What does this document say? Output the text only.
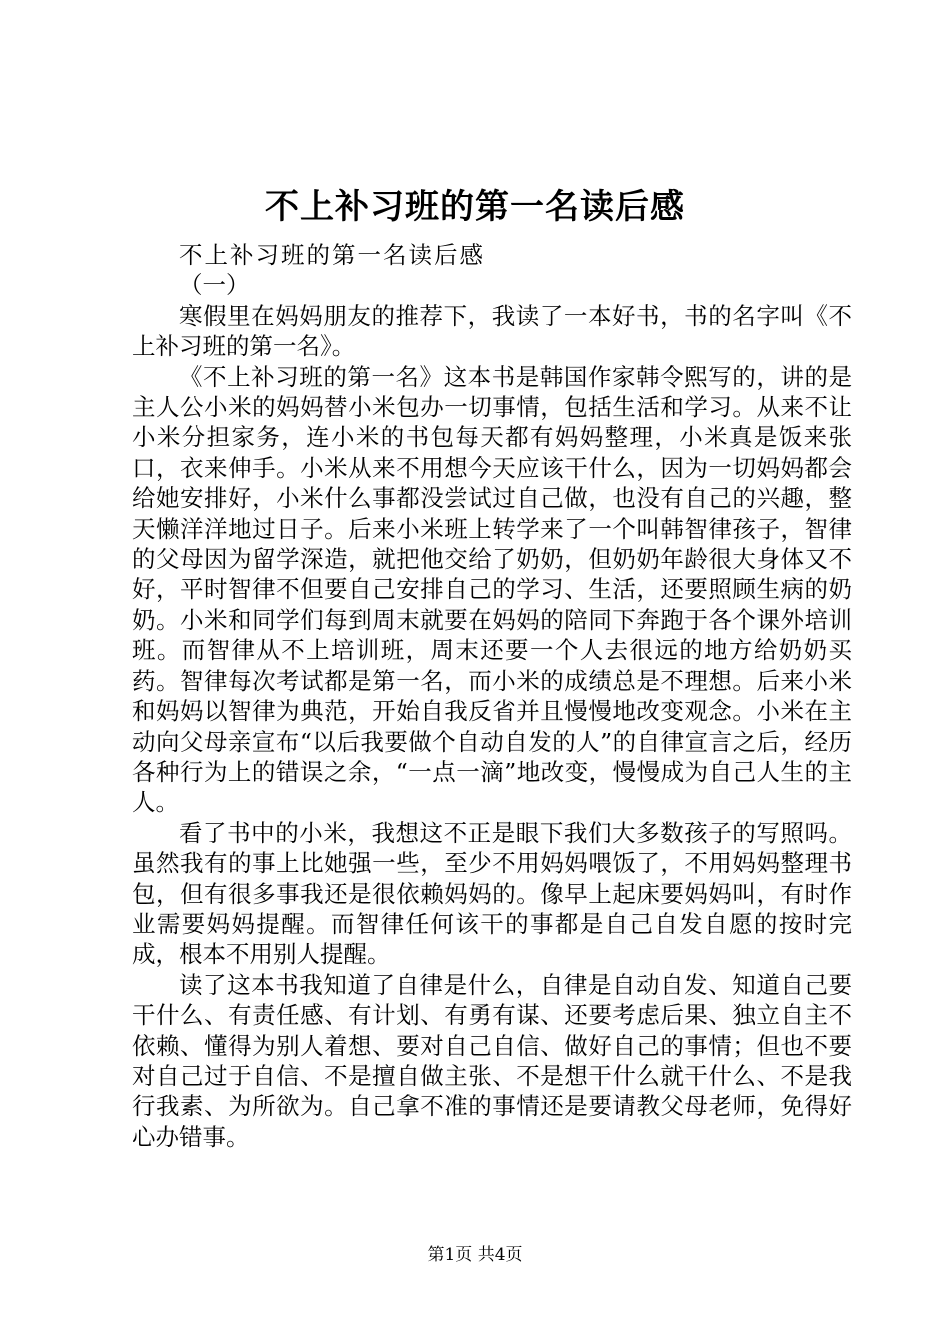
不上补习班的第一名读后感

不上补习班的第一名读后感

（一）

寒假里在妈妈朋友的推荐下，我读了一本好书，书的名字叫《不上补习班的第一名》。

《不上补习班的第一名》这本书是韩国作家韩令熙写的，讲的是主人公小米的妈妈替小米包办一切事情，包括生活和学习。从来不让小米分担家务，连小米的书包每天都有妈妈整理，小米真是饭来张口，衣来伸手。小米从来不用想今天应该干什么，因为一切妈妈都会给她安排好，小米什么事都没尝试过自己做，也没有自己的兴趣，整天懒洋洋地过日子。后来小米班上转学来了一个叫韩智律孩子，智律的父母因为留学深造，就把他交给了奶奶，但奶奶年龄很大身体又不好，平时智律不但要自己安排自己的学习、生活，还要照顾生病的奶奶。小米和同学们每到周末就要在妈妈的陪同下奔跑于各个课外培训班。而智律从不上培训班，周末还要一个人去很远的地方给奶奶买药。智律每次考试都是第一名，而小米的成绩总是不理想。后来小米和妈妈以智律为典范，开始自我反省并且慢慢地改变观念。小米在主动向父母亲宣布“以后我要做个自动自发的人”的自律宣言之后，经历各种行为上的错误之余，“一点一滴”地改变，慢慢成为自己人生的主人。

看了书中的小米，我想这不正是眼下我们大多数孩子的写照吗。虽然我有的事上比她强一些，至少不用妈妈喂饭了，不用妈妈整理书包，但有很多事我还是很依赖妈妈的。像早上起床要妈妈叫，有时作业需要妈妈提醒。而智律任何该干的事都是自己自发自愿的按时完成，根本不用别人提醒。

读了这本书我知道了自律是什么，自律是自动自发、知道自己要干什么、有责任感、有计划、有勇有谋、还要考虑后果、独立自主不依赖、懂得为别人着想、要对自己自信、做好自己的事情；但也不要对自己过于自信、不是擅自做主张、不是想干什么就干什么、不是我行我素、为所欲为。自己拿不准的事情还是要请教父母老师，免得好心办错事。

第1页 共4页
